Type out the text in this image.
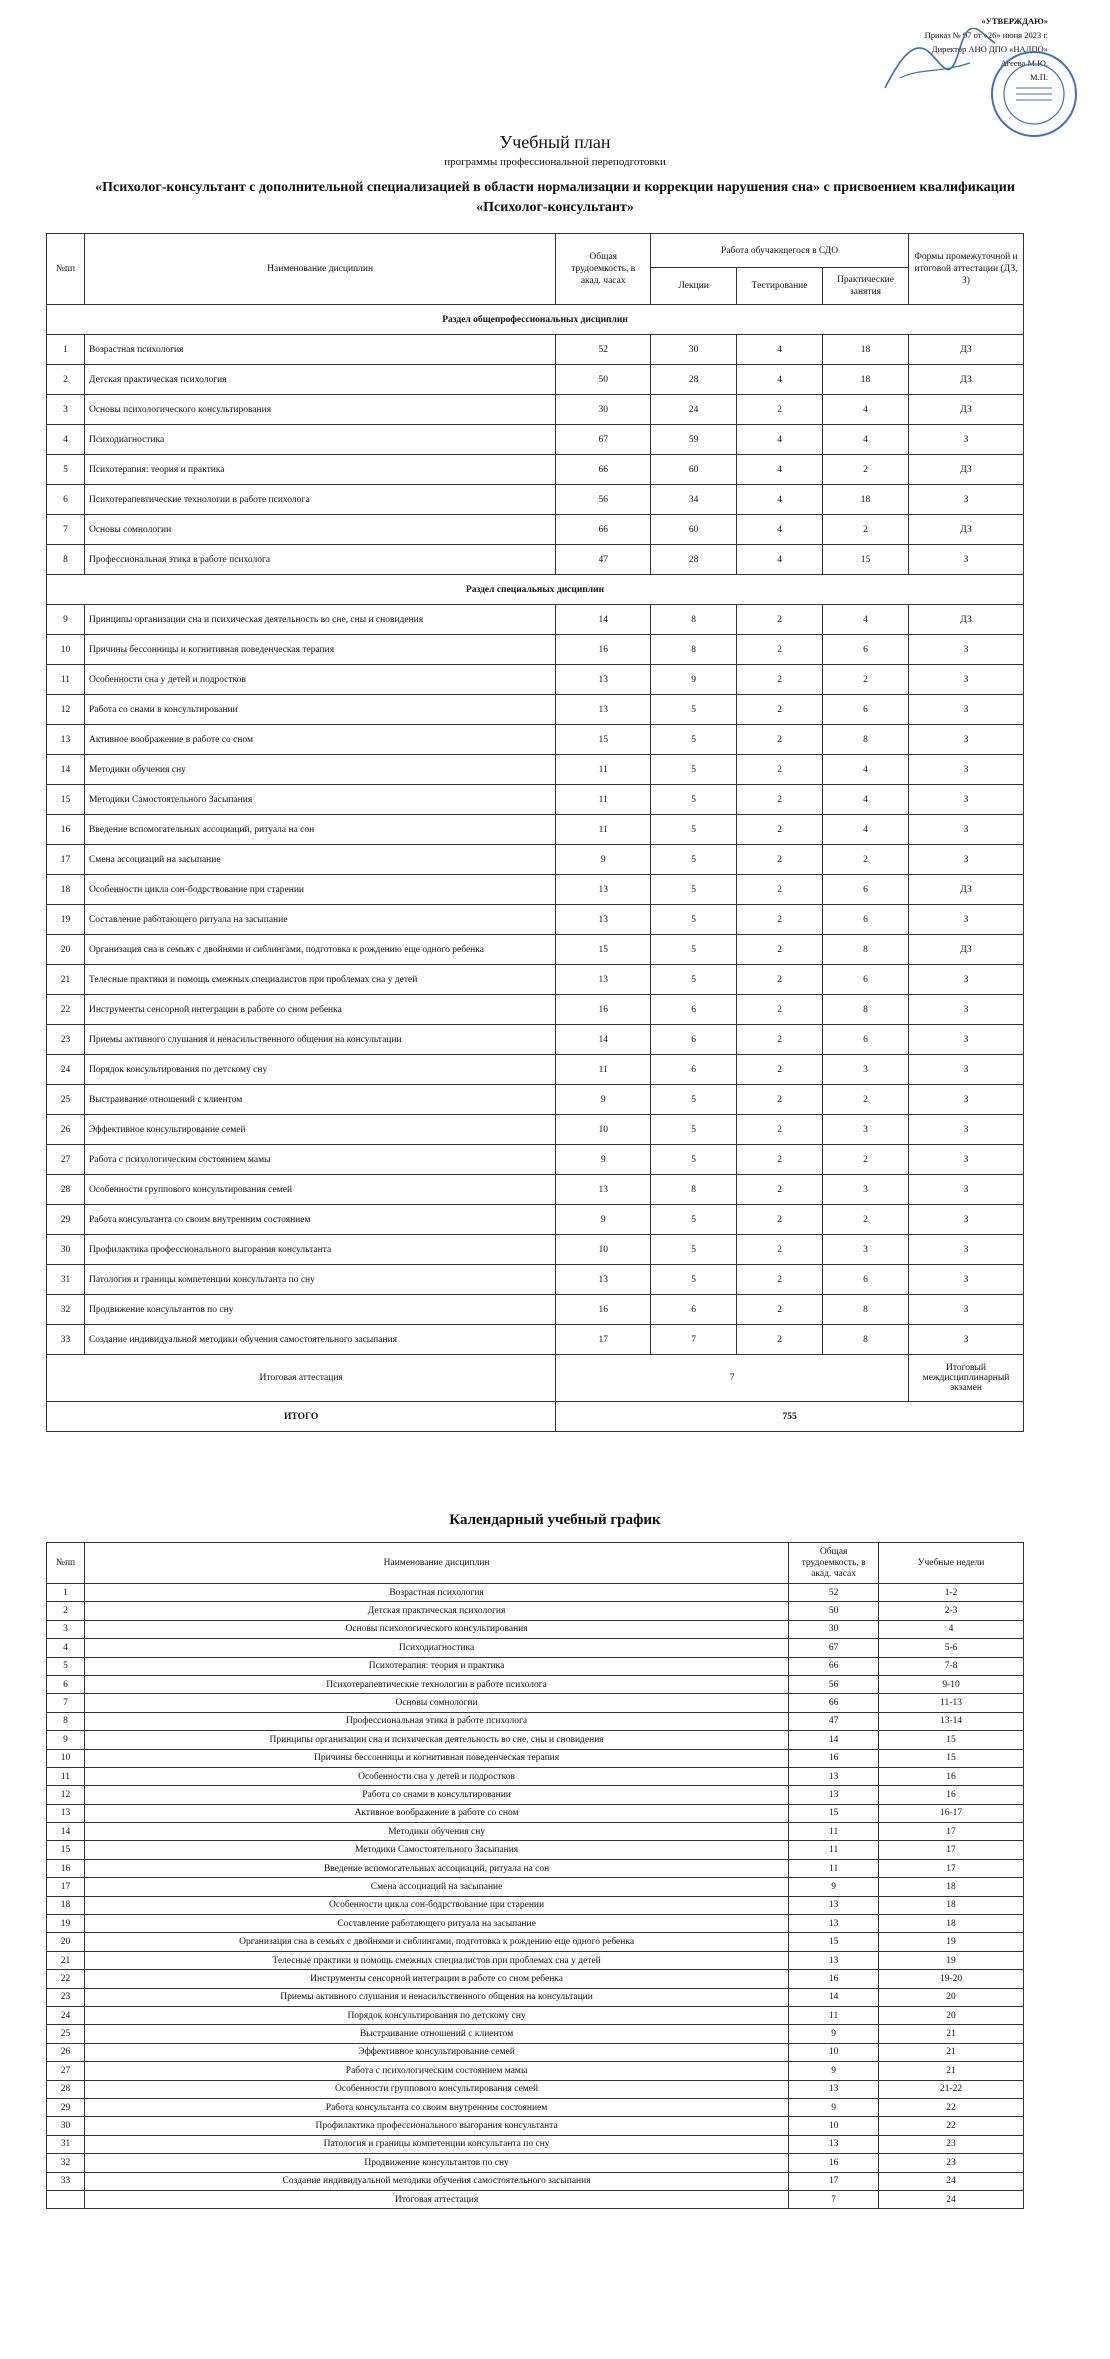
«УТВЕРЖДАЮ»
Приказ № 97 от «26» июня 2023 г.
Директор АНО ДПО «НАДПО»
Агеева М.Ю.
М.П.
Учебный план
программы профессиональной переподготовки
«Психолог-консультант с дополнительной специализацией в области нормализации и коррекции нарушения сна» с присвоением квалификации «Психолог-консультант»
№пп	Наименование дисциплин	Общая трудоемкость, в акад. часах	Работа обучающегося в СДО			Формы промежуточной и итоговой аттестации (ДЗ, З)
			Лекции	Тестирование	Практические занятия	
Раздел общепрофессиональных дисциплин						
1	Возрастная психология	52	30	4	18	ДЗ
2	Детская практическая психология	50	28	4	18	ДЗ
3	Основы психологического консультирования	30	24	2	4	ДЗ
4	Психодиагностика	67	59	4	4	З
5	Психотерапия: теория и практика	66	60	4	2	ДЗ
6	Психотерапевтические технологии в работе психолога	56	34	4	18	З
7	Основы сомнологии	66	60	4	2	ДЗ
8	Профессиональная этика в работе психолога	47	28	4	15	З
Раздел специальных дисциплин						
9	Принципы организации сна и психическая деятельность во сне, сны и сновидения	14	8	2	4	ДЗ
10	Причины бессонницы и когнитивная поведенческая терапия	16	8	2	6	З
11	Особенности сна у детей и подростков	13	9	2	2	З
12	Работа со снами в консультировании	13	5	2	6	З
13	Активное воображение в работе со сном	15	5	2	8	З
14	Методики обучения сну	11	5	2	4	З
15	Методики Самостоятельного Засыпания	11	5	2	4	З
16	Введение вспомогательных ассоциаций, ритуала на сон	11	5	2	4	З
17	Смена ассоциаций на засыпание	9	5	2	2	З
18	Особенности цикла сон-бодрствование при старении	13	5	2	6	ДЗ
19	Составление работающего ритуала на засыпание	13	5	2	6	З
20	Организация сна в семьях с двойнями и сиблингами, подготовка к рождению еще одного ребенка	15	5	2	8	ДЗ
21	Телесные практики и помощь смежных специалистов при проблемах сна у детей	13	5	2	6	З
22	Инструменты сенсорной интеграции в работе со сном ребенка	16	6	2	8	З
23	Приемы активного слушания и ненасильственного общения на консультации	14	6	2	6	З
24	Порядок консультирования по детскому сну	11	6	2	3	З
25	Выстраивание отношений с клиентом	9	5	2	2	З
26	Эффективное консультирование семей	10	5	2	3	З
27	Работа с психологическим состоянием мамы	9	5	2	2	З
28	Особенности группового консультирования семей	13	8	2	3	З
29	Работа консультанта со своим внутренним состоянием	9	5	2	2	З
30	Профилактика профессионального выгорания консультанта	10	5	2	3	З
31	Патология и границы компетенции консультанта по сну	13	5	2	6	З
32	Продвижение консультантов по сну	16	6	2	8	З
33	Создание индивидуальной методики обучения самостоятельного засыпания	17	7	2	8	З
Итоговая аттестация		7				Итоговый междисциплинарный экзамен
ИТОГО		755				
Календарный учебный график
№пп	Наименование дисциплин	Общая трудоемкость, в акад. часах	Учебные недели
1	Возрастная психология	52	1-2
2	Детская практическая психология	50	2-3
3	Основы психологического консультирования	30	4
4	Психодиагностика	67	5-6
5	Психотерапия: теория и практика	66	7-8
6	Психотерапевтические технологии в работе психолога	56	9-10
7	Основы сомнологии	66	11-13
8	Профессиональная этика в работе психолога	47	13-14
9	Принципы организации сна и психическая деятельность во сне, сны и сновидения	14	15
10	Причины бессонницы и когнитивная поведенческая терапия	16	15
11	Особенности сна у детей и подростков	13	16
12	Работа со снами в консультировании	13	16
13	Активное воображение в работе со сном	15	16-17
14	Методики обучения сну	11	17
15	Методики Самостоятельного Засыпания	11	17
16	Введение вспомогательных ассоциаций, ритуала на сон	11	17
17	Смена ассоциаций на засыпание	9	18
18	Особенности цикла сон-бодрствование при старении	13	18
19	Составление работающего ритуала на засыпание	13	18
20	Организация сна в семьях с двойнями и сиблингами, подготовка к рождению еще одного ребенка	15	19
21	Телесные практики и помощь смежных специалистов при проблемах сна у детей	13	19
22	Инструменты сенсорной интеграции в работе со сном ребенка	16	19-20
23	Приемы активного слушания и ненасильственного общения на консультации	14	20
24	Порядок консультирования по детскому сну	11	20
25	Выстраивание отношений с клиентом	9	21
26	Эффективное консультирование семей	10	21
27	Работа с психологическим состоянием мамы	9	21
28	Особенности группового консультирования семей	13	21-22
29	Работа консультанта со своим внутренним состоянием	9	22
30	Профилактика профессионального выгорания консультанта	10	22
31	Патология и границы компетенции консультанта по сну	13	23
32	Продвижение консультантов по сну	16	23
33	Создание индивидуальной методики обучения самостоятельного засыпания	17	24
	Итоговая аттестация	7	24
